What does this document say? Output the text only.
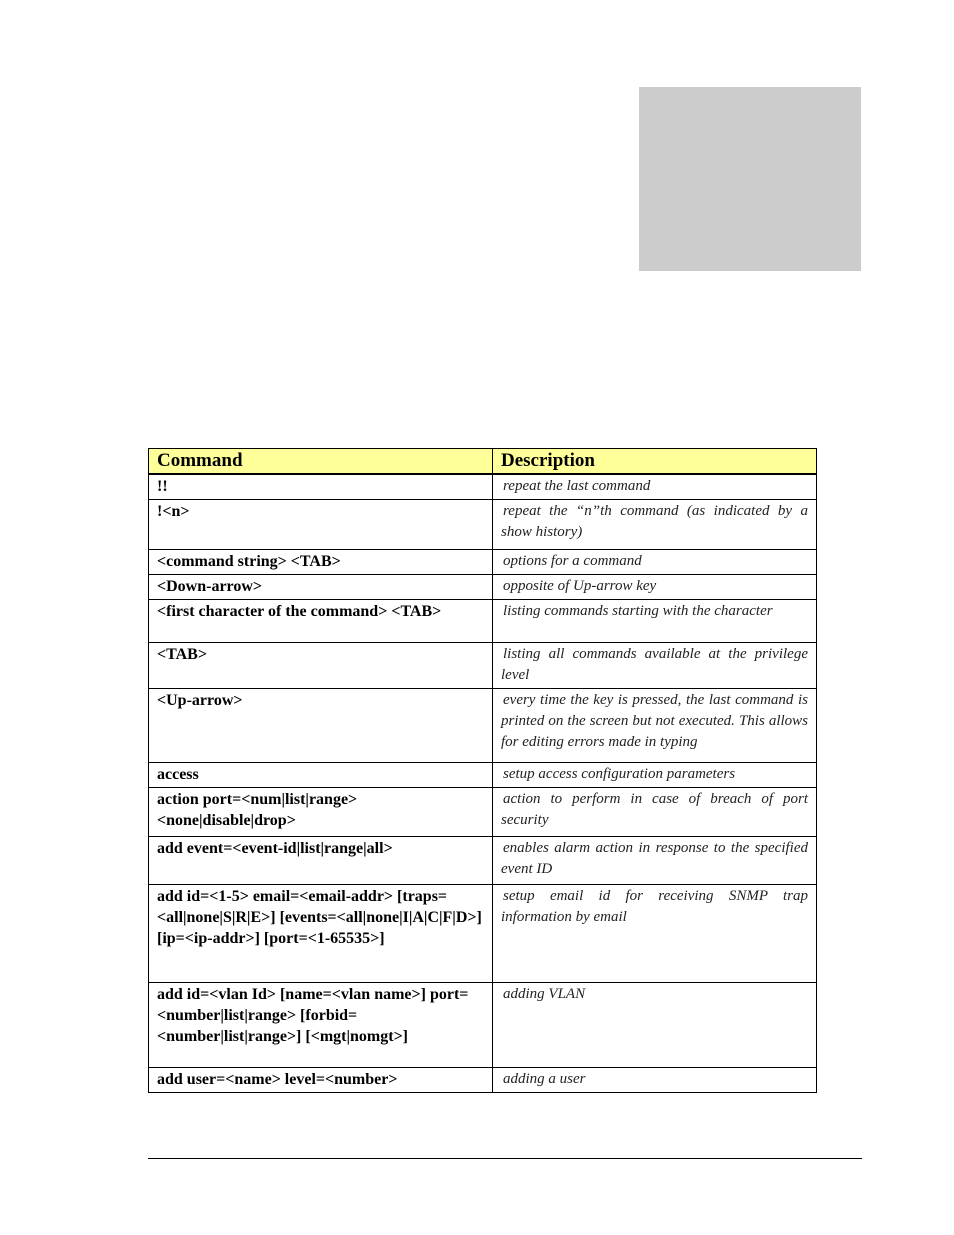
Command	Description
!!	repeat the last command
!<n>	repeat the “n”th command (as indicated by a show history)
<command string> <TAB>	options for a command
<Down-arrow>	opposite of Up-arrow key
<first character of the command> <TAB>	listing commands starting with the character
<TAB>	listing all commands available at the privilege level
<Up-arrow>	every time the key is pressed, the last command is printed on the screen but not executed. This allows for editing errors made in typing
access	setup access configuration parameters
action port=<num|list|range> <none|disable|drop>	action to perform in case of breach of port security
add event=<event-id|list|range|all>	enables alarm action in response to the specified event ID
add id=<1-5> email=<email-addr> [traps=<all|none|S|R|E>] [events=<all|none|I|A|C|F|D>] [ip=<ip-addr>] [port=<1-65535>]	setup email id for receiving SNMP trap information by email
add id=<vlan Id> [name=<vlan name>] port=<number|list|range> [forbid=<number|list|range>] [<mgt|nomgt>]	adding VLAN
add user=<name> level=<number>	adding a user
